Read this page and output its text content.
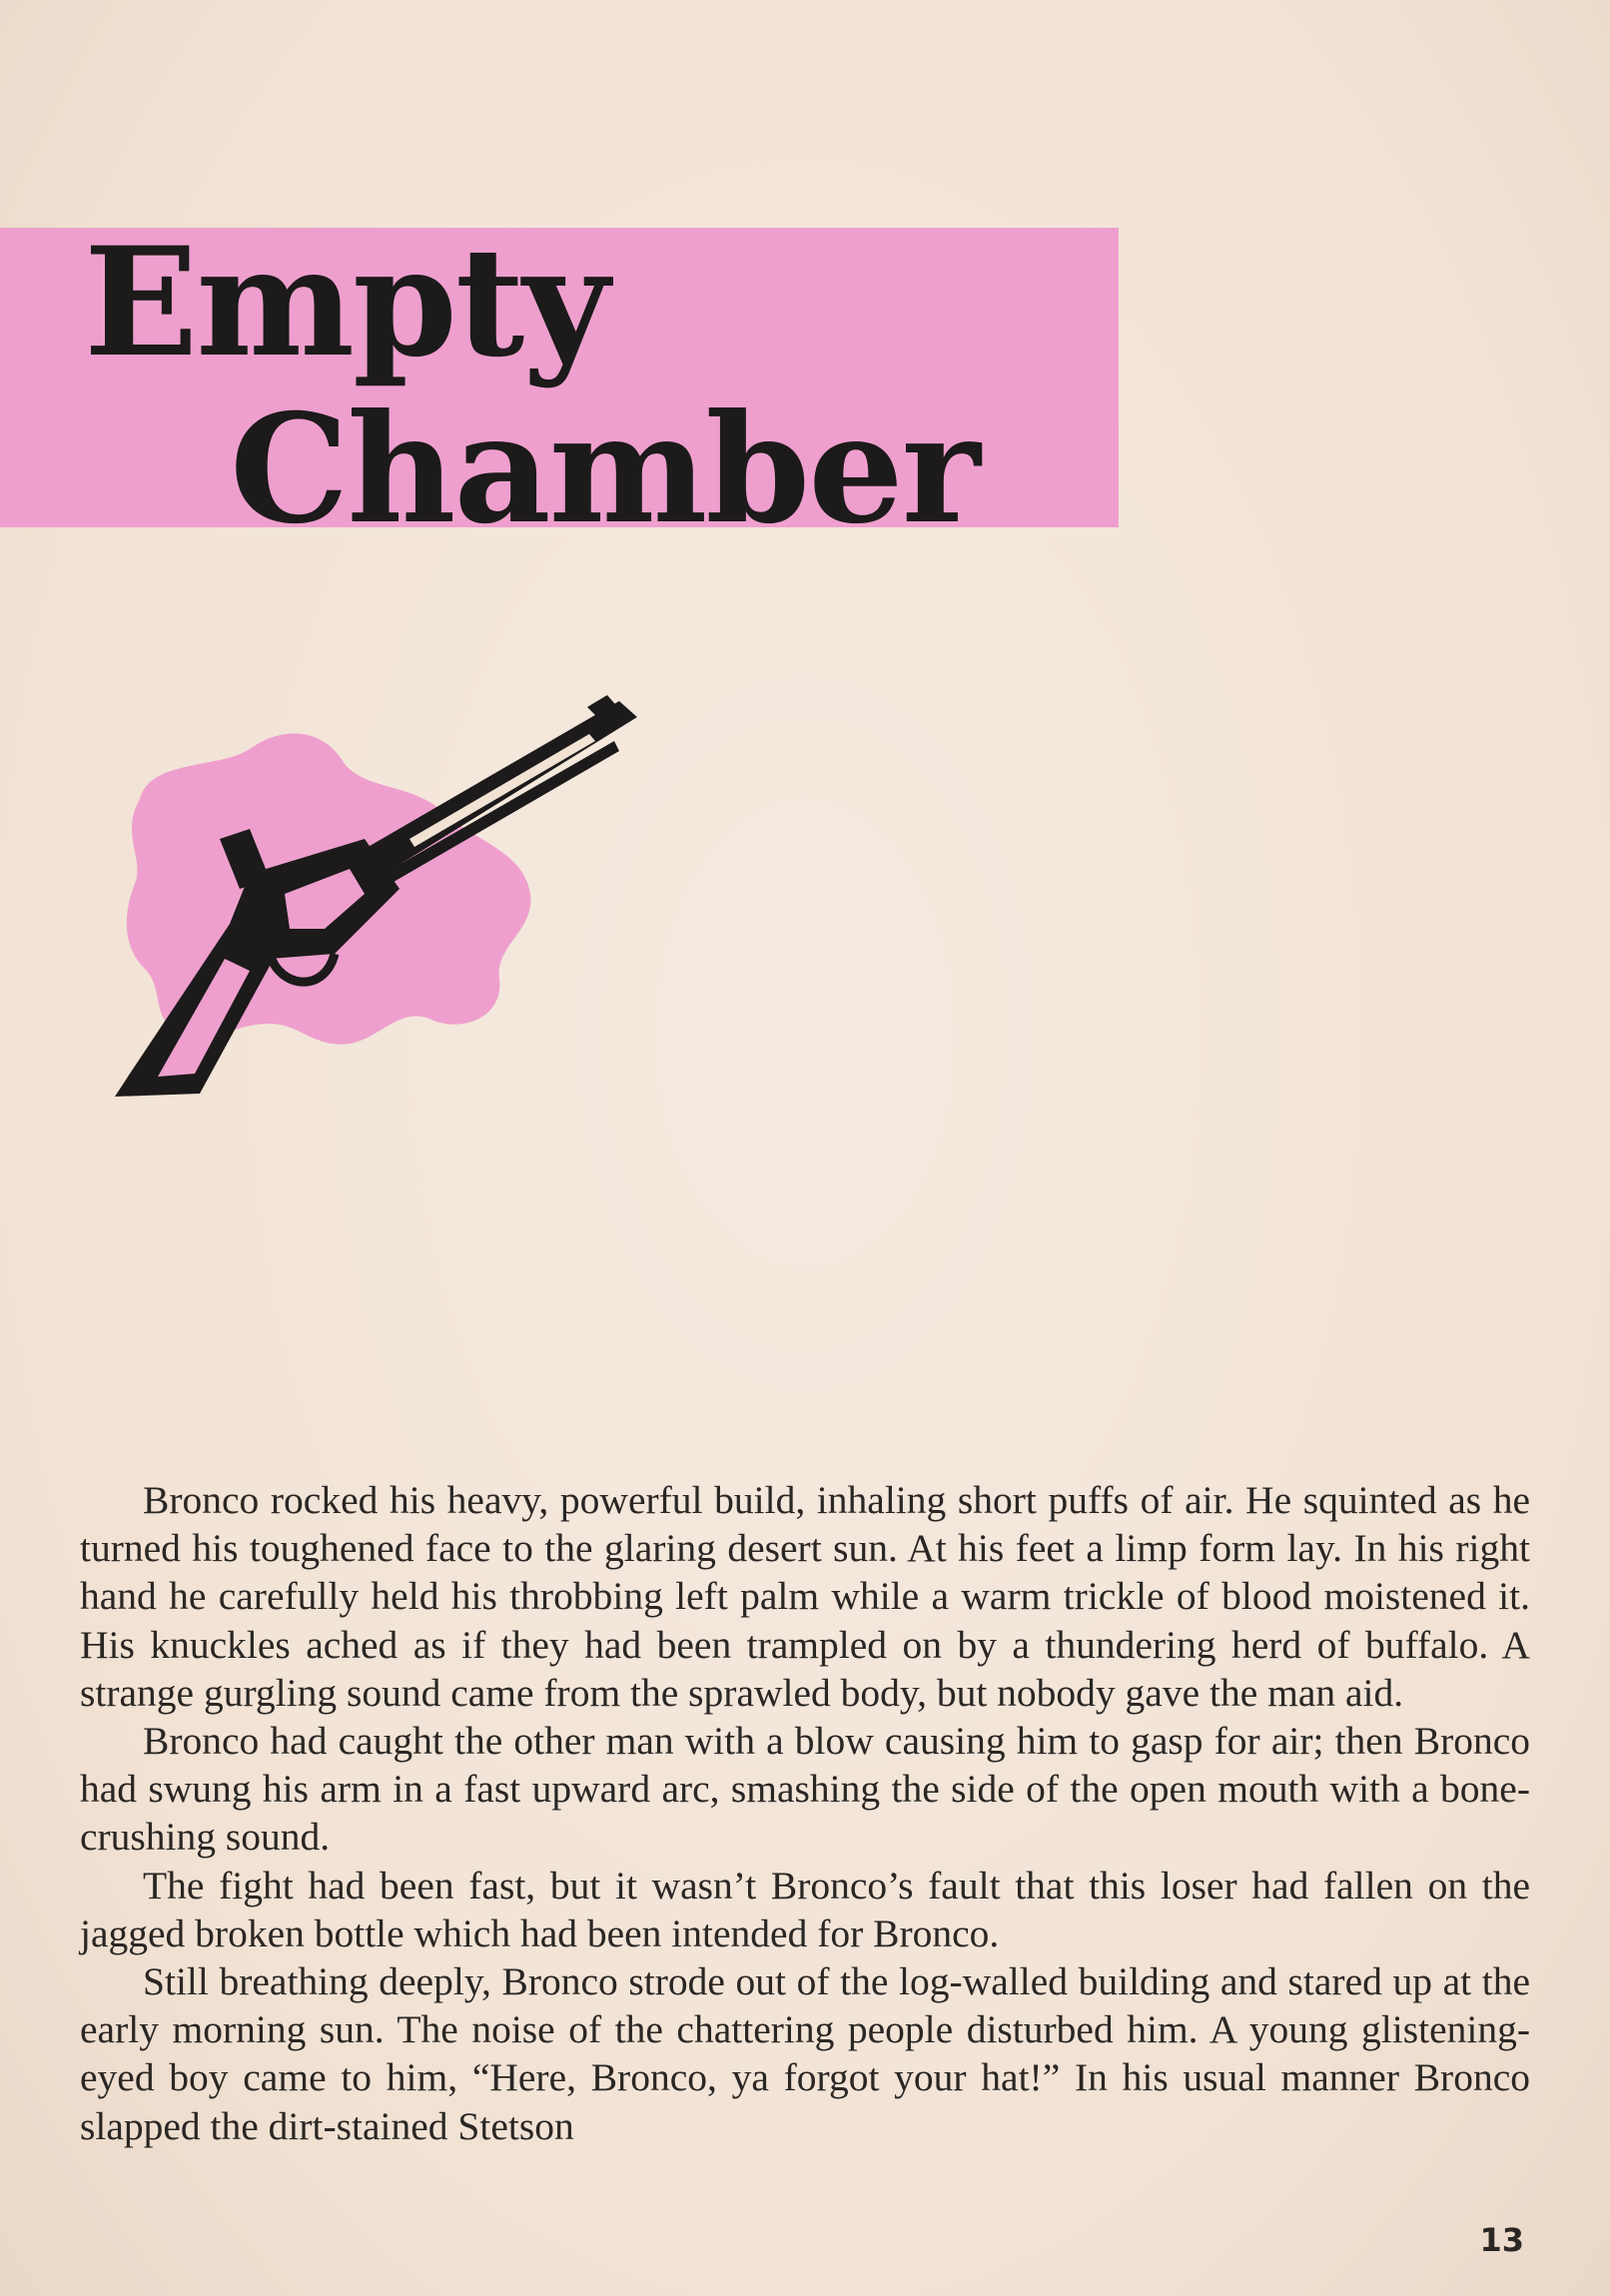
Empty
Chamber

Bronco rocked his heavy, powerful build, inhaling short puffs of air. He squinted as he turned his toughened face to the glaring desert sun. At his feet a limp form lay. In his right hand he carefully held his throbbing left palm while a warm trickle of blood moistened it. His knuckles ached as if they had been trampled on by a thundering herd of buffalo. A strange gurgling sound came from the sprawled body, but nobody gave the man aid.

Bronco had caught the other man with a blow causing him to gasp for air; then Bronco had swung his arm in a fast upward arc, smashing the side of the open mouth with a bone-crushing sound.

The fight had been fast, but it wasn’t Bronco’s fault that this loser had fallen on the jagged broken bottle which had been intended for Bronco.

Still breathing deeply, Bronco strode out of the log-walled building and stared up at the early morning sun. The noise of the chattering people disturbed him. A young glistening-eyed boy came to him, “Here, Bronco, ya forgot your hat!” In his usual manner Bronco slapped the dirt-stained Stetson

13
